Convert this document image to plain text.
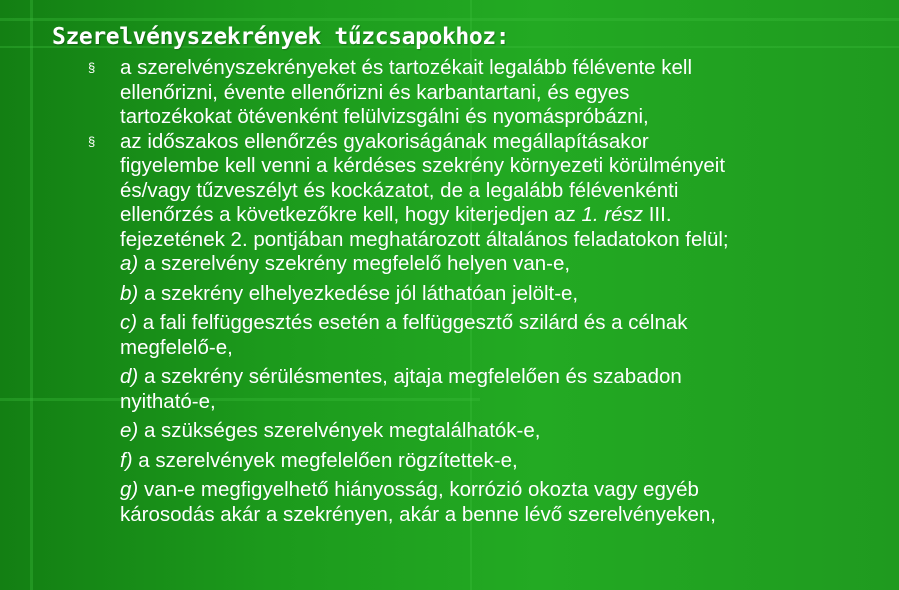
Szerelvényszekrények tűzcsapokhoz:
§ a szerelvényszekrényeket és tartozékait legalább félévente kell
ellenőrizni, évente ellenőrizni és karbantartani, és egyes
tartozékokat ötévenként felülvizsgálni és nyomáspróbázni,
§ az időszakos ellenőrzés gyakoriságának megállapításakor
figyelembe kell venni a kérdéses szekrény környezeti körülményeit
és/vagy tűzveszélyt és kockázatot, de a legalább félévenkénti
ellenőrzés a következőkre kell, hogy kiterjedjen az 1. rész III.
fejezetének 2. pontjában meghatározott általános feladatokon felül;
a) a szerelvény szekrény megfelelő helyen van-e,
b) a szekrény elhelyezkedése jól láthatóan jelölt-e,
c) a fali felfüggesztés esetén a felfüggesztő szilárd és a célnak
megfelelő-e,
d) a szekrény sérülésmentes, ajtaja megfelelően és szabadon
nyitható-e,
e) a szükséges szerelvények megtalálhatók-e,
f) a szerelvények megfelelően rögzítettek-e,
g) van-e megfigyelhető hiányosság, korrózió okozta vagy egyéb
károsodás akár a szekrényen, akár a benne lévő szerelvényeken,
